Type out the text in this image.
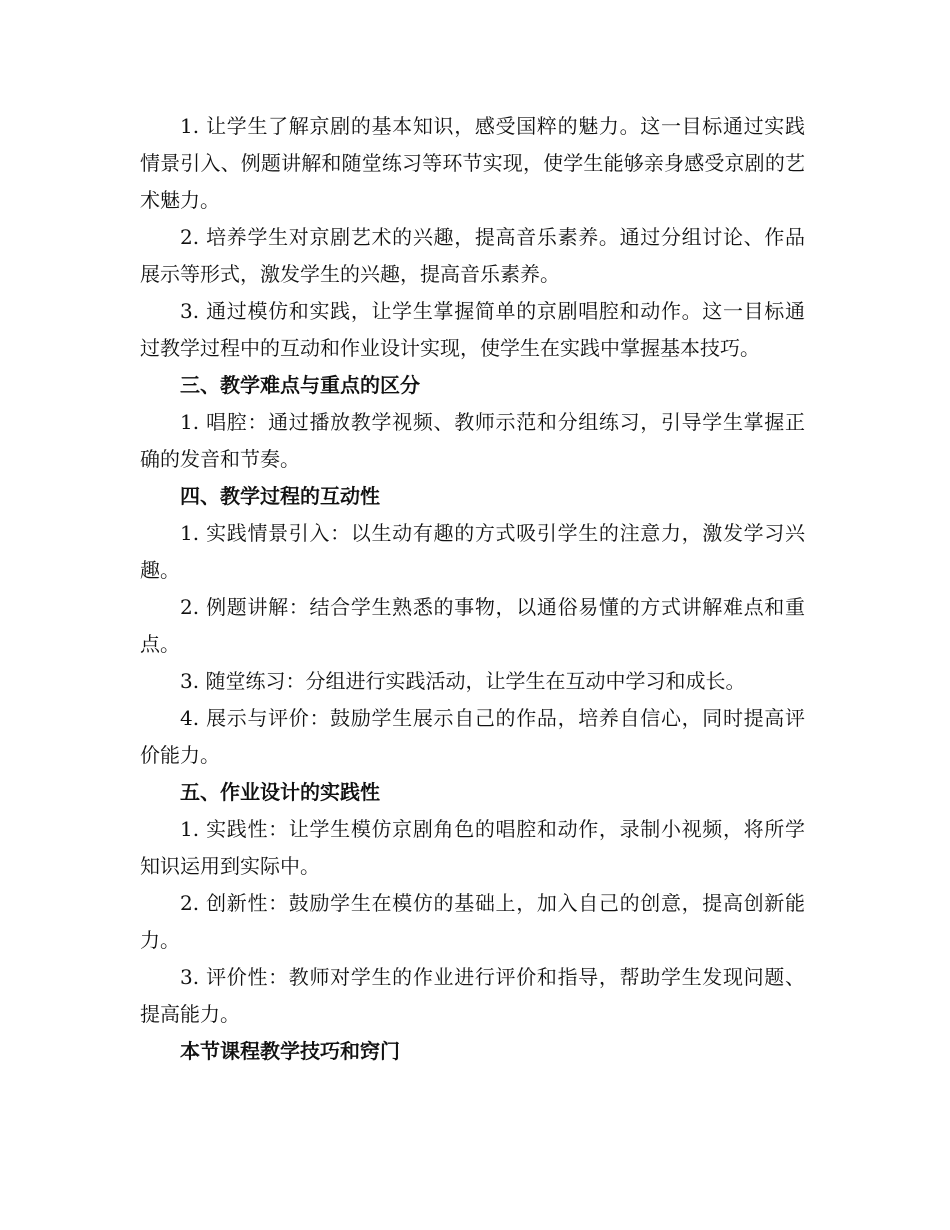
1. 让学生了解京剧的基本知识，感受国粹的魅力。这一目标通过实践情景引入、例题讲解和随堂练习等环节实现，使学生能够亲身感受京剧的艺术魅力。

2. 培养学生对京剧艺术的兴趣，提高音乐素养。通过分组讨论、作品展示等形式，激发学生的兴趣，提高音乐素养。

3. 通过模仿和实践，让学生掌握简单的京剧唱腔和动作。这一目标通过教学过程中的互动和作业设计实现，使学生在实践中掌握基本技巧。

三、教学难点与重点的区分

1. 唱腔：通过播放教学视频、教师示范和分组练习，引导学生掌握正确的发音和节奏。

四、教学过程的互动性

1. 实践情景引入：以生动有趣的方式吸引学生的注意力，激发学习兴趣。

2. 例题讲解：结合学生熟悉的事物，以通俗易懂的方式讲解难点和重点。

3. 随堂练习：分组进行实践活动，让学生在互动中学习和成长。

4. 展示与评价：鼓励学生展示自己的作品，培养自信心，同时提高评价能力。

五、作业设计的实践性

1. 实践性：让学生模仿京剧角色的唱腔和动作，录制小视频，将所学知识运用到实际中。

2. 创新性：鼓励学生在模仿的基础上，加入自己的创意，提高创新能力。

3. 评价性：教师对学生的作业进行评价和指导，帮助学生发现问题、提高能力。

本节课程教学技巧和窍门
